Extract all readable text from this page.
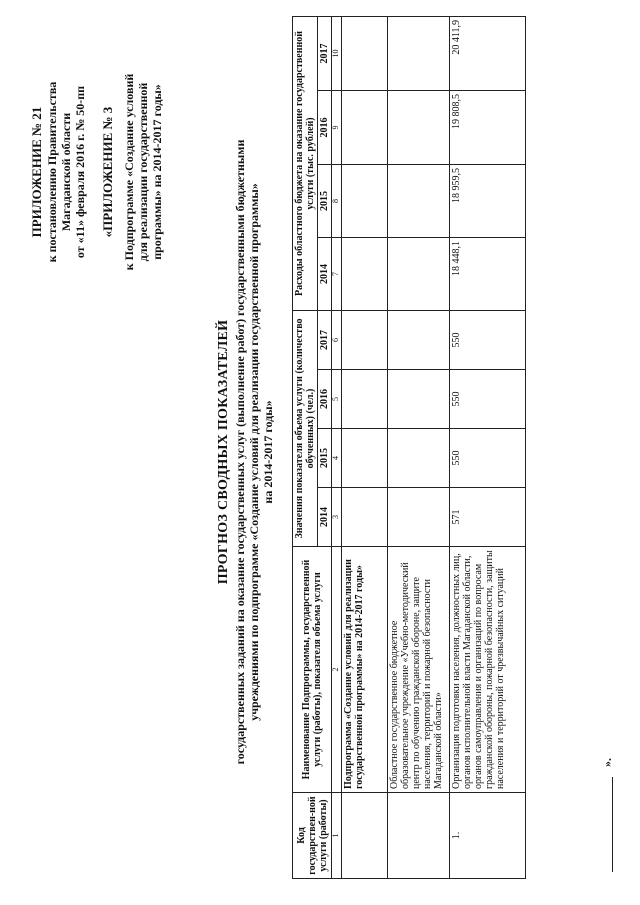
ПРИЛОЖЕНИЕ № 21 к постановлению Правительства Магаданской области от «11» февраля 2016 г. № 50-пп «ПРИЛОЖЕНИЕ № 3 к Подпрограмме «Создание условий для реализации государственной программы» на 2014-2017 годы»
ПРОГНОЗ СВОДНЫХ ПОКАЗАТЕЛЕЙ государственных заданий на оказание государственных услуг (выполнение работ) государственными бюджетными учреждениями по подпрограмме «Создание условий для реализации государственной программы» на 2014-2017 годы»
Код государствен-ной услуги (работы)	Наименование Подпрограммы, государственной услуги (работы), показателя объема услуги	Значения показателя объема услуги (количество обученных) (чел.)				Расходы областного бюджета на оказание государственной услуги (тыс. рублей)			
		2014	2015	2016	2017	2014	2015	2016	2017
1	2	3	4	5	6	7	8	9	10
	Подпрограмма «Создание условий для реализации государственной программы» на 2014-2017 годы»								
	Областное государственное бюджетное образовательное учреждение «Учебно-методический центр по обучению гражданской обороне, защите населения, территорий и пожарной безопасности Магаданской области»								
1.	Организация подготовки населения, должностных лиц, органов исполнительной власти Магаданской области, органов самоуправления и организаций по вопросам гражданской обороны, пожарной безопасности, защиты населения и территорий от чрезвычайных ситуаций	571	550	550	550	18 448,1	18 959,5	19 808,5	20 411,9
».
